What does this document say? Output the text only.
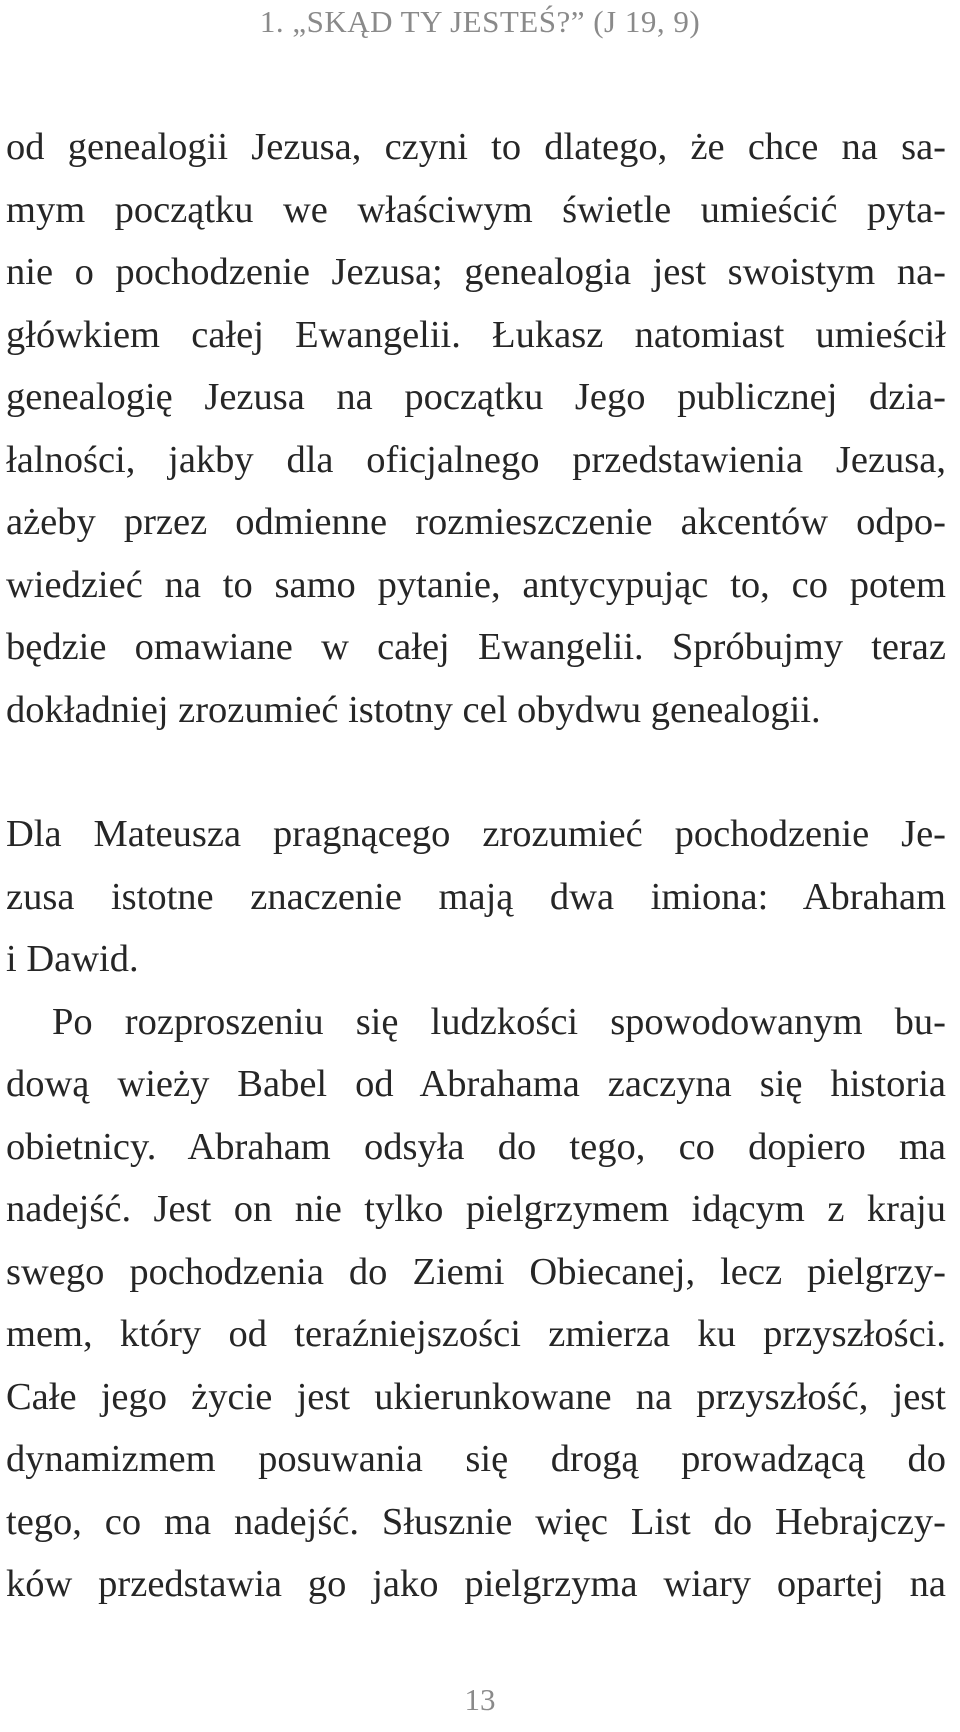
1. „SKĄD TY JESTEŚ?” (J 19, 9)
od genealogii Jezusa, czyni to dlatego, że chce na sa-
mym początku we właściwym świetle umieścić pyta-
nie o pochodzenie Jezusa; genealogia jest swoistym na-
główkiem całej Ewangelii. Łukasz natomiast umieścił
genealogię Jezusa na początku Jego publicznej dzia-
łalności, jakby dla oficjalnego przedstawienia Jezusa,
ażeby przez odmienne rozmieszczenie akcentów odpo-
wiedzieć na to samo pytanie, antycypując to, co potem
będzie omawiane w całej Ewangelii. Spróbujmy teraz
dokładniej zrozumieć istotny cel obydwu genealogii.
Dla Mateusza pragnącego zrozumieć pochodzenie Je-
zusa istotne znaczenie mają dwa imiona: Abraham
i Dawid.
Po rozproszeniu się ludzkości spowodowanym bu-
dową wieży Babel od Abrahama zaczyna się historia
obietnicy. Abraham odsyła do tego, co dopiero ma
nadejść. Jest on nie tylko pielgrzymem idącym z kraju
swego pochodzenia do Ziemi Obiecanej, lecz pielgrzy-
mem, który od teraźniejszości zmierza ku przyszłości.
Całe jego życie jest ukierunkowane na przyszłość, jest
dynamizmem posuwania się drogą prowadzącą do
tego, co ma nadejść. Słusznie więc List do Hebrajczy-
ków przedstawia go jako pielgrzyma wiary opartej na
13
